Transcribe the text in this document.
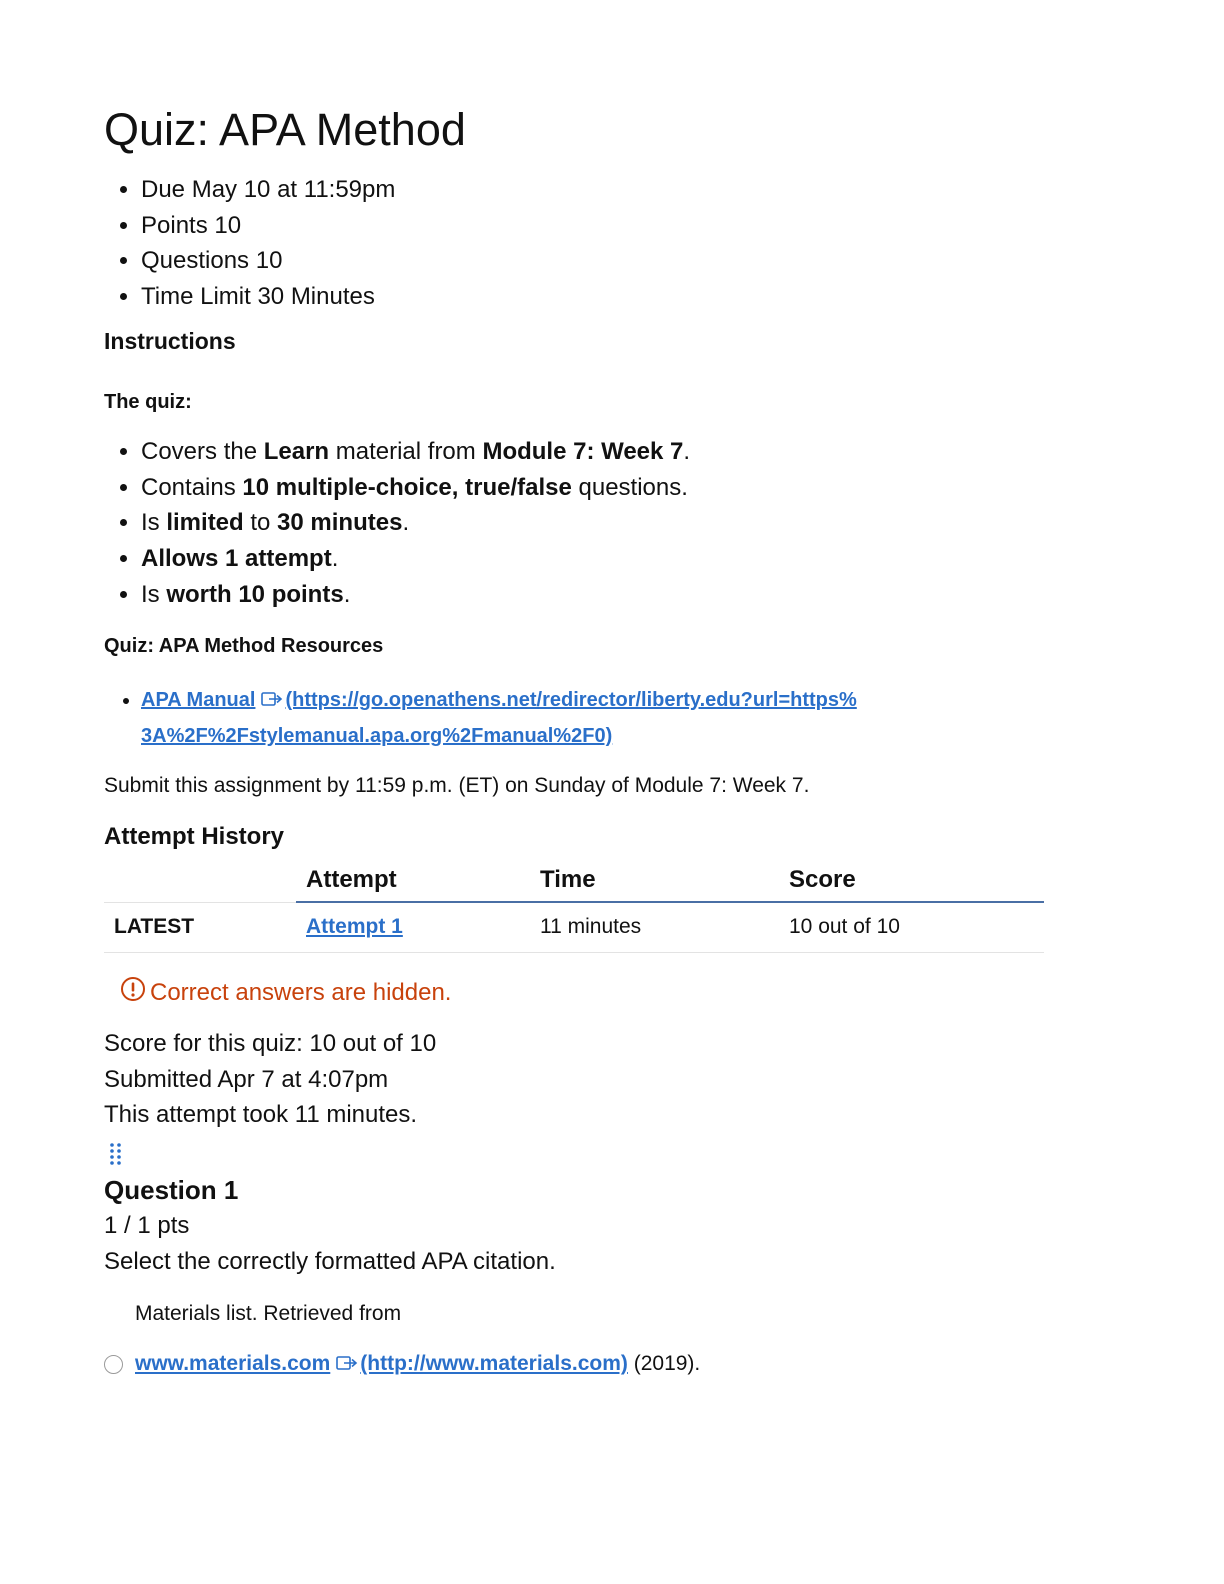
Quiz: APA Method
• Due May 10 at 11:59pm
• Points 10
• Questions 10
• Time Limit 30 Minutes
Instructions
The quiz:
• Covers the Learn material from Module 7: Week 7.
• Contains 10 multiple-choice, true/false questions.
• Is limited to 30 minutes.
• Allows 1 attempt.
• Is worth 10 points.
Quiz: APA Method Resources
• APA Manual (https://go.openathens.net/redirector/liberty.edu?url=https%3A%2F%2Fstylemanual.apa.org%2Fmanual%2F0)

Submit this assignment by 11:59 p.m. (ET) on Sunday of Module 7: Week 7.

Attempt History
	Attempt	Time	Score
LATEST	Attempt 1	11 minutes	10 out of 10

Correct answers are hidden.

Score for this quiz: 10 out of 10
Submitted Apr 7 at 4:07pm
This attempt took 11 minutes.
Question 1
1 / 1 pts
Select the correctly formatted APA citation.
Materials list. Retrieved from
www.materials.com (http://www.materials.com) (2019).
